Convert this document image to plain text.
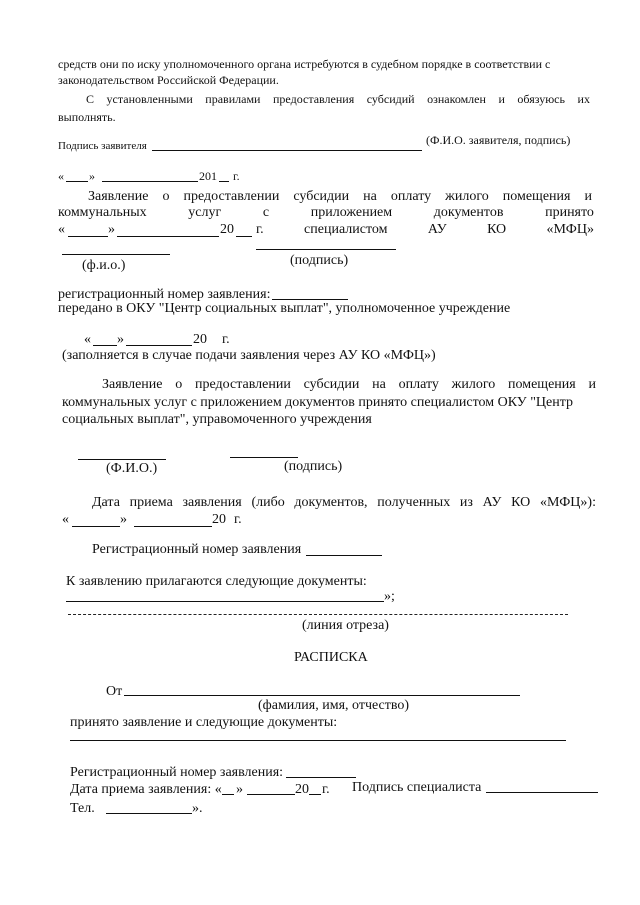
средств они по иску уполномоченного органа истребуются в судебном порядке в соответствии с
законодательством Российской Федерации.
С установленными правилами предоставления субсидий ознакомлен и обязуюсь их
выполнять.
Подпись заявителя	(Ф.И.О. заявителя, подпись)
« »	201 г.
Заявление о предоставлении субсидии на оплату жилого помещения и
коммунальных	услуг	с	приложением	документов	принято
«	»	20 г.	специалистом	АУ	КО	«МФЦ»
(ф.и.о.)	(подпись)
регистрационный номер заявления:
передано в ОКУ "Центр социальных выплат", уполномоченное учреждение
« »	20 г.
(заполняется в случае подачи заявления через АУ КО «МФЦ»)
Заявление о предоставлении субсидии на оплату жилого помещения и
коммунальных услуг с приложением документов принято специалистом ОКУ "Центр
социальных выплат", управомоченного учреждения
(Ф.И.О.)	(подпись)
Дата приема заявления (либо документов, полученных из АУ КО «МФЦ»):
«	»	20 г.
Регистрационный номер заявления
К заявлению прилагаются следующие документы:
»;
(линия отреза)
РАСПИСКА
От
(фамилия, имя, отчество)
принято заявление и следующие документы:
Регистрационный номер заявления:
Дата приема заявления: « »	20 г. Подпись специалиста
Тел.	».
